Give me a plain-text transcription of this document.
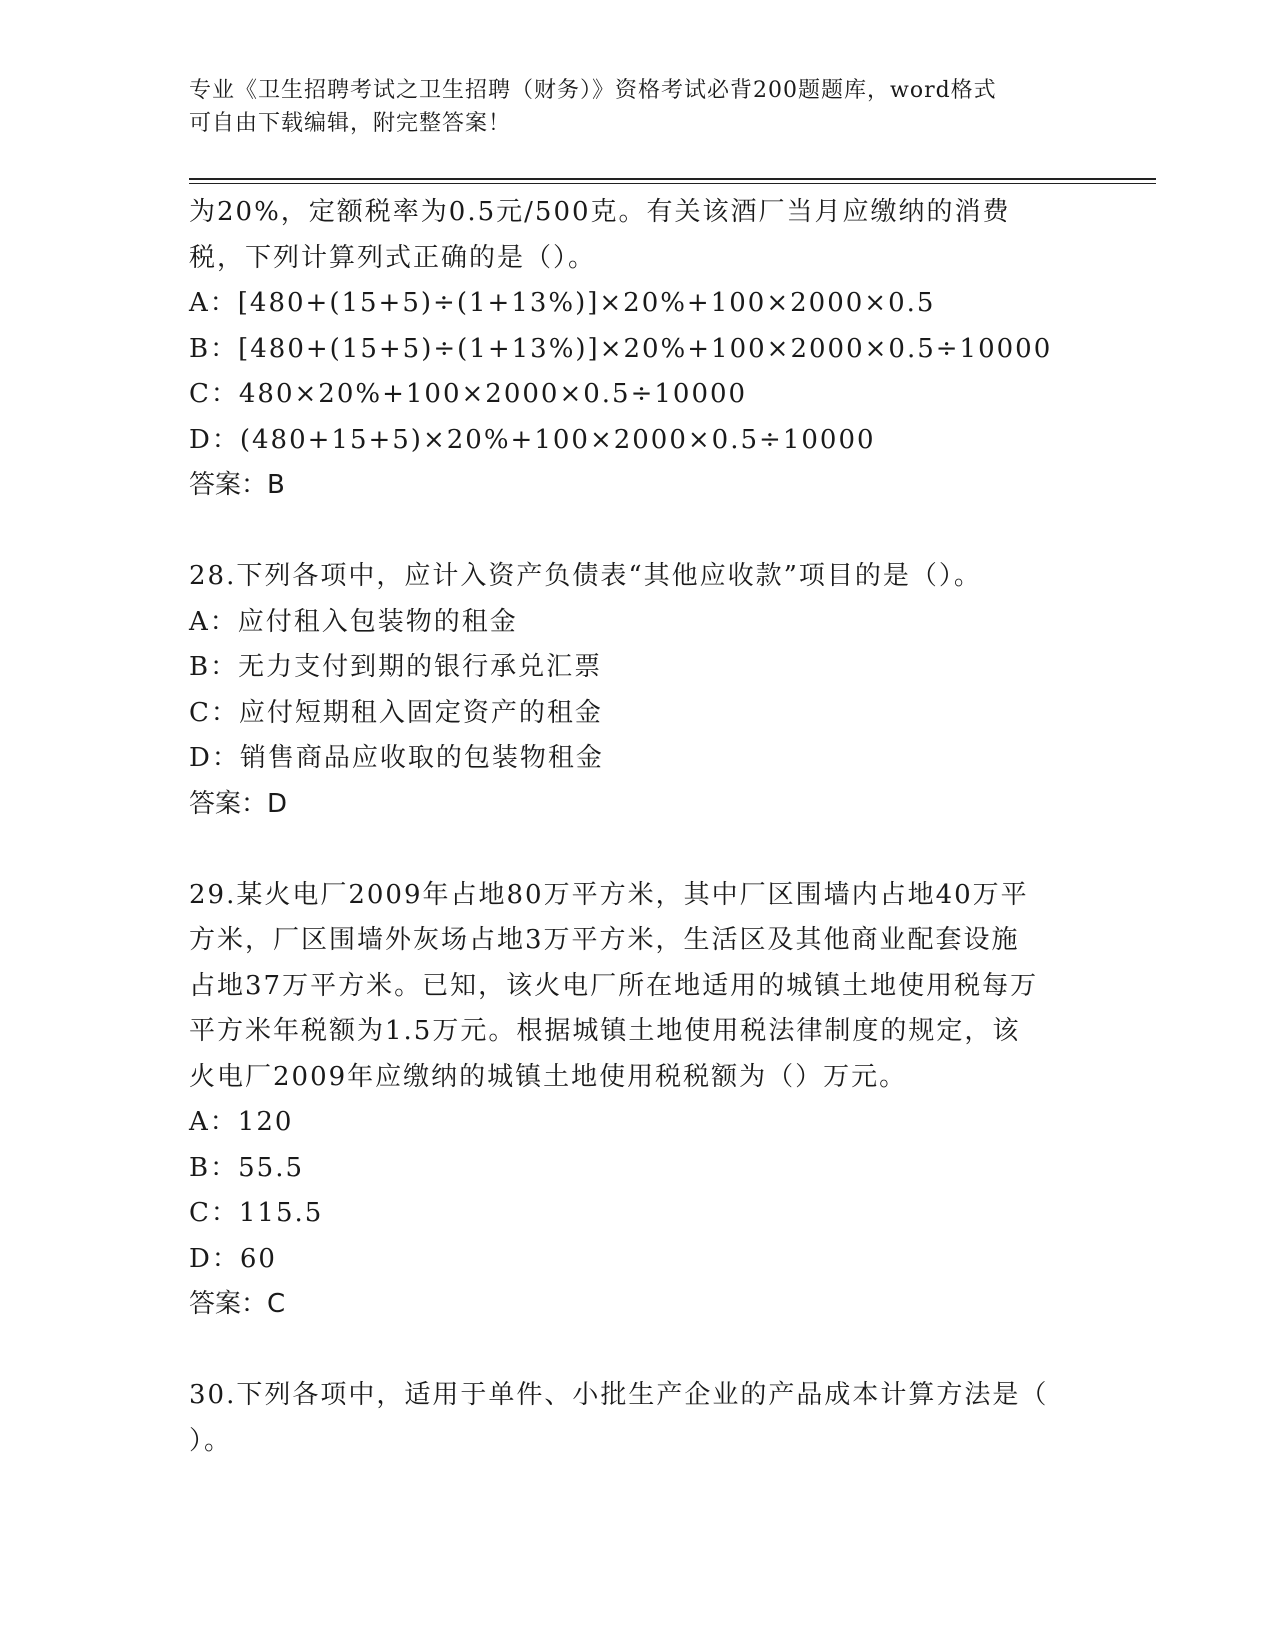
专业《卫生招聘考试之卫生招聘（财务）》资格考试必背200题题库，word格式
可自由下载编辑，附完整答案！

为20%，定额税率为0.5元/500克。有关该酒厂当月应缴纳的消费

税，下列计算列式正确的是（）。

A：[480+(15+5)÷(1+13%)]×20%+100×2000×0.5

B：[480+(15+5)÷(1+13%)]×20%+100×2000×0.5÷10000

C：480×20%+100×2000×0.5÷10000

D：(480+15+5)×20%+100×2000×0.5÷10000

答案：B

28.下列各项中，应计入资产负债表“其他应收款”项目的是（）。

A：应付租入包装物的租金

B：无力支付到期的银行承兑汇票

C：应付短期租入固定资产的租金

D：销售商品应收取的包装物租金

答案：D

29.某火电厂2009年占地80万平方米，其中厂区围墙内占地40万平

方米，厂区围墙外灰场占地3万平方米，生活区及其他商业配套设施

占地37万平方米。已知，该火电厂所在地适用的城镇土地使用税每万

平方米年税额为1.5万元。根据城镇土地使用税法律制度的规定，该

火电厂2009年应缴纳的城镇土地使用税税额为（）万元。

A：120

B：55.5

C：115.5

D：60

答案：C

30.下列各项中，适用于单件、小批生产企业的产品成本计算方法是（

）。
